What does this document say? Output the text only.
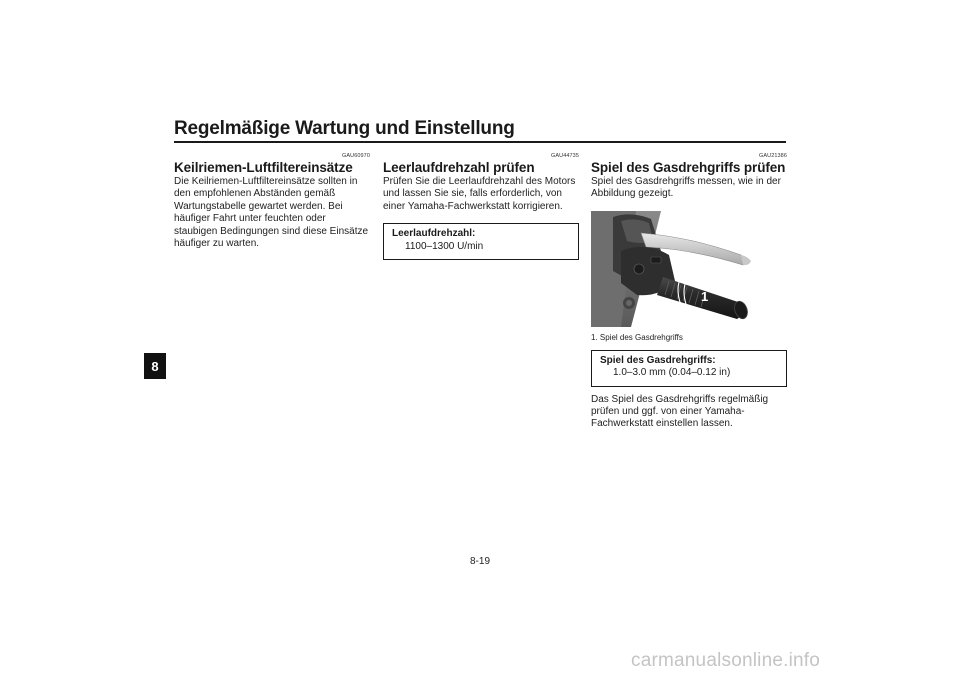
Regelmäßige Wartung und Einstellung
8
GAU60970
Keilriemen-Luftfiltereinsätze

Die Keilriemen-Luftfiltereinsätze sollten in den empfohlenen Abständen gemäß Wartungstabelle gewartet werden. Bei häufiger Fahrt unter feuchten oder staubigen Bedingungen sind diese Einsätze häufiger zu warten.

GAU44735
Leerlaufdrehzahl prüfen

Prüfen Sie die Leerlaufdrehzahl des Motors und lassen Sie sie, falls erforderlich, von einer Yamaha-Fachwerkstatt korrigieren.

Leerlaufdrehzahl:
1100–1300 U/min
GAU21386
Spiel des Gasdrehgriffs prüfen

Spiel des Gasdrehgriffs messen, wie in der Abbildung gezeigt.

1
1. Spiel des Gasdrehgriffs
Spiel des Gasdrehgriffs:
1.0–3.0 mm (0.04–0.12 in)

Das Spiel des Gasdrehgriffs regelmäßig prüfen und ggf. von einer Yamaha-Fachwerkstatt einstellen lassen.

8-19
carmanualsonline.info
